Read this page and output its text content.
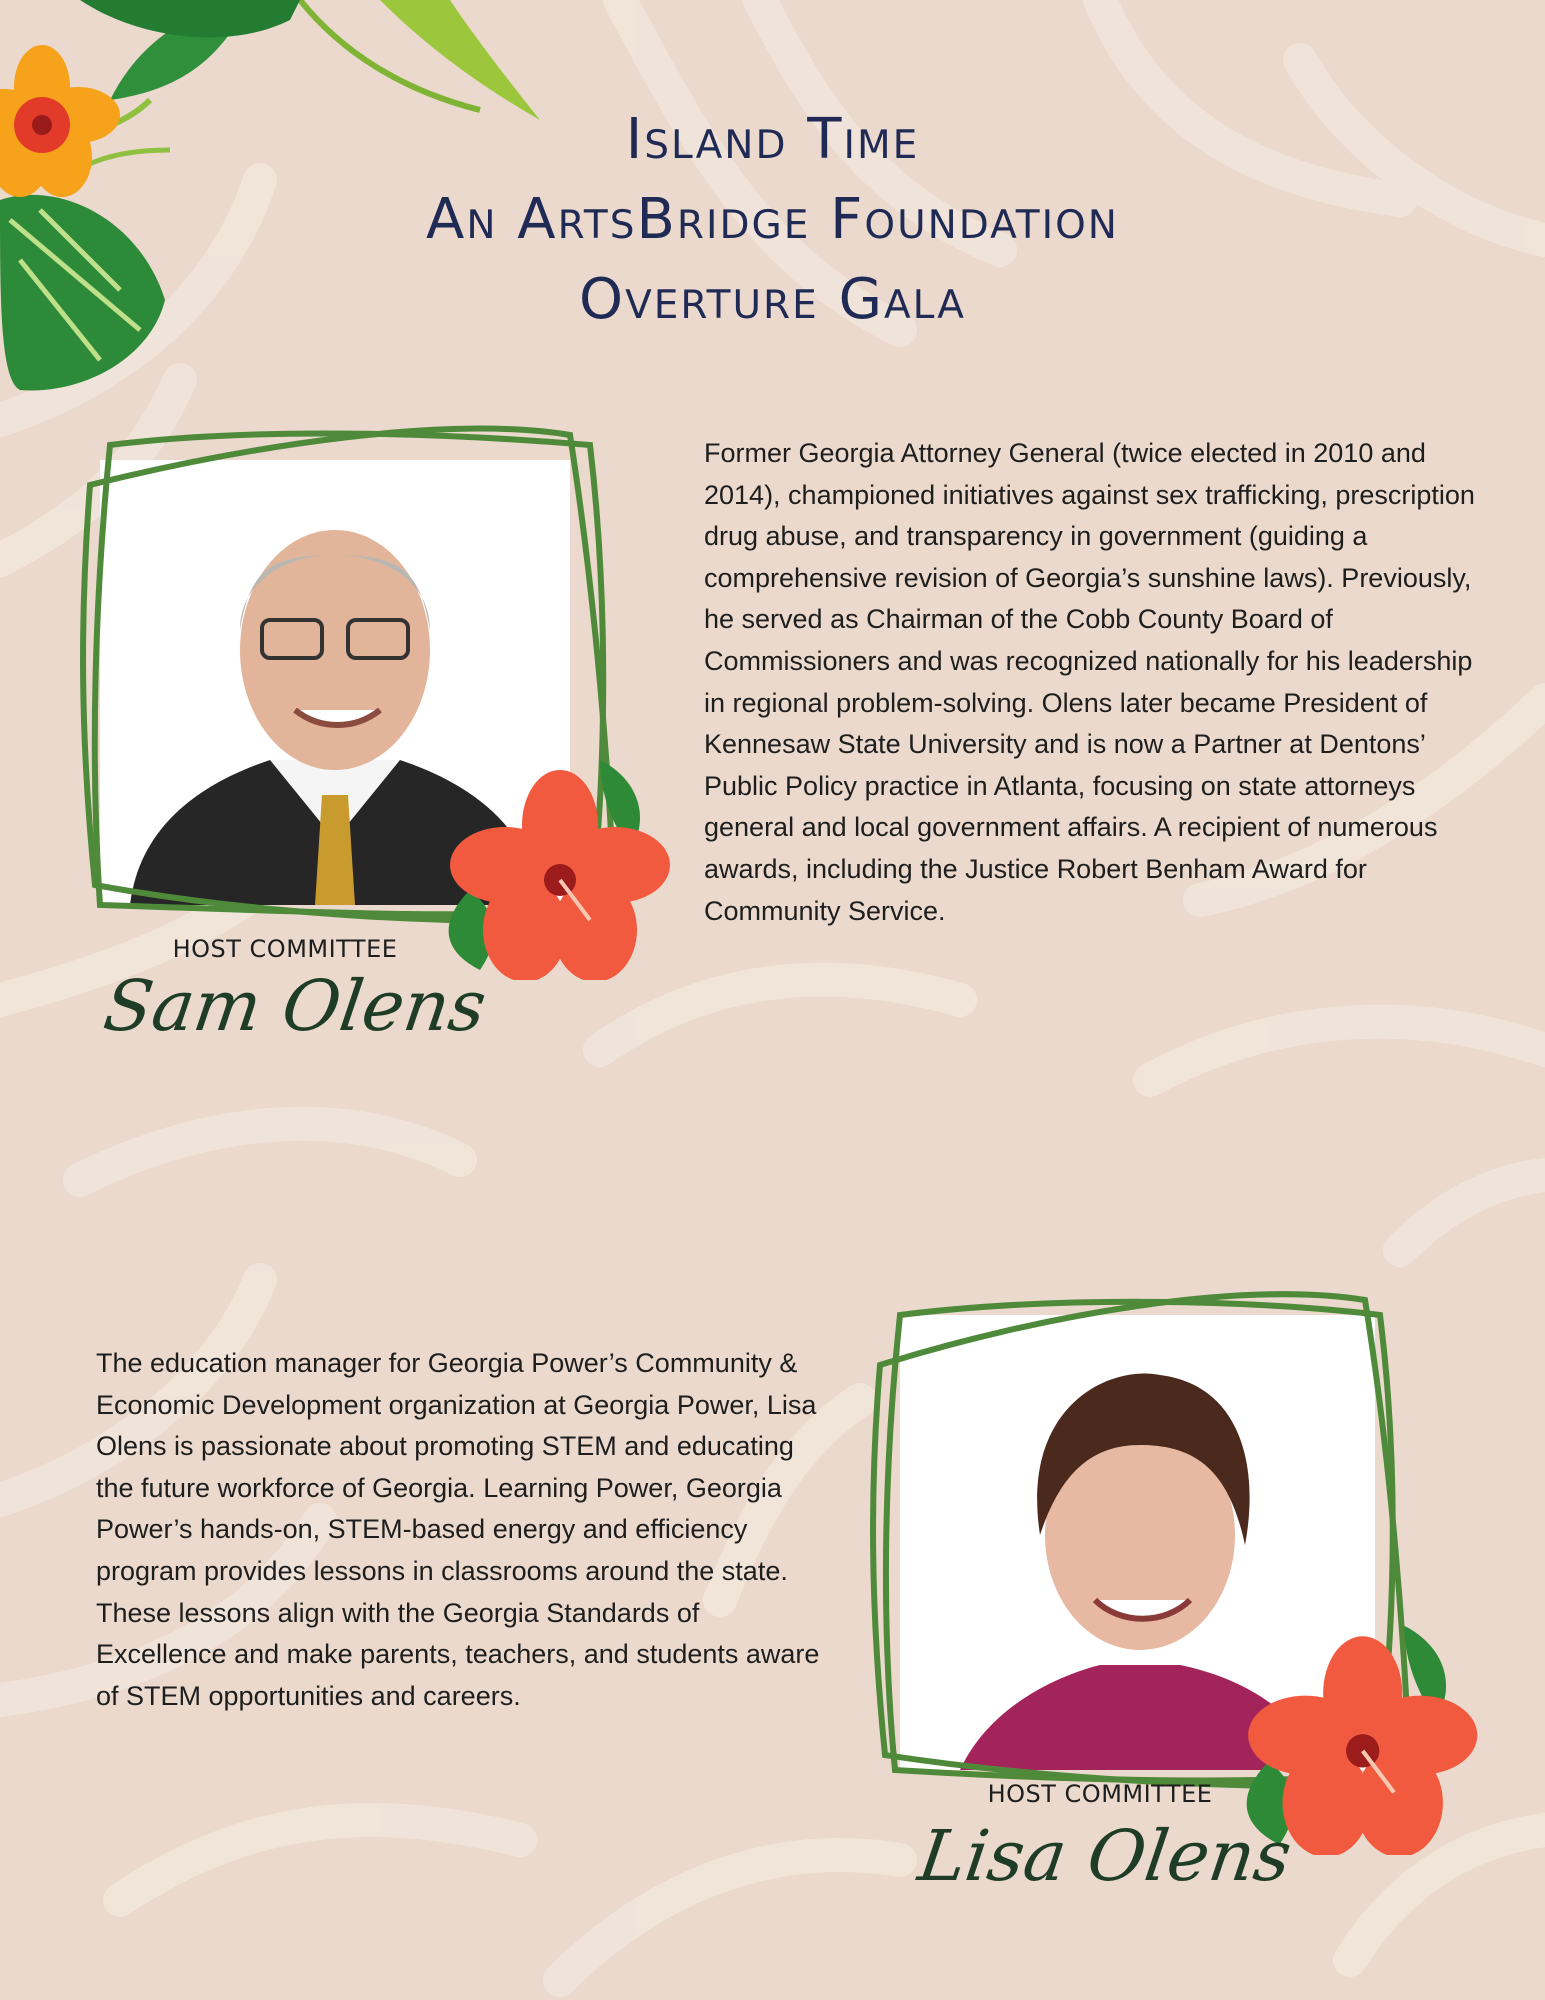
Island Time
An ArtsBridge Foundation
Overture Gala
HOST COMMITTEE
Sam Olens

Former Georgia Attorney General (twice elected in 2010 and 2014), championed initiatives against sex trafficking, prescription drug abuse, and transparency in government (guiding a comprehensive revision of Georgia’s sunshine laws). Previously, he served as Chairman of the Cobb County Board of Commissioners and was recognized nationally for his leadership in regional problem-solving. Olens later became President of Kennesaw State University and is now a Partner at Dentons’ Public Policy practice in Atlanta, focusing on state attorneys general and local government affairs. A recipient of numerous awards, including the Justice Robert Benham Award for Community Service.

The education manager for Georgia Power’s Community & Economic Development organization at Georgia Power, Lisa Olens is passionate about promoting STEM and educating the future workforce of Georgia. Learning Power, Georgia Power’s hands-on, STEM-based energy and efficiency program provides lessons in classrooms around the state. These lessons align with the Georgia Standards of Excellence and make parents, teachers, and students aware of STEM opportunities and careers.

HOST COMMITTEE
Lisa Olens
